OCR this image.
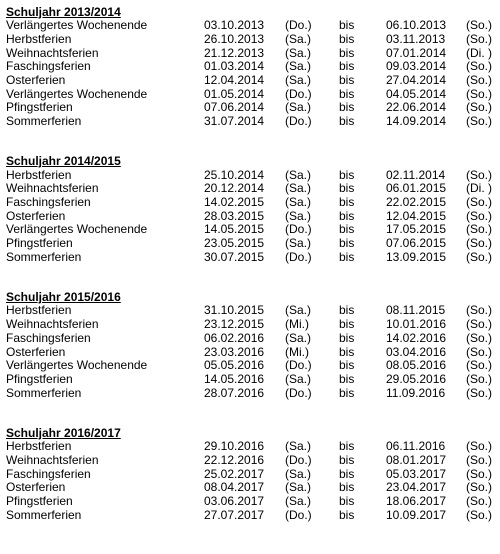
Schuljahr 2013/2014
Verlängertes Wochenende	03.10.2013 (Do.) bis	06.10.2013 (So.)
Herbstferien	26.10.2013 (Sa.) bis	03.11.2013 (So.)
Weihnachtsferien	21.12.2013 (Sa.) bis	07.01.2014 (Di. )
Faschingsferien	01.03.2014 (Sa.) bis	09.03.2014 (So.)
Osterferien	12.04.2014 (Sa.) bis	27.04.2014 (So.)
Verlängertes Wochenende	01.05.2014 (Do.) bis	04.05.2014 (So.)
Pfingstferien	07.06.2014 (Sa.) bis	22.06.2014 (So.)
Sommerferien	31.07.2014 (Do.) bis	14.09.2014 (So.)
Schuljahr 2014/2015
Herbstferien	25.10.2014 (Sa.) bis	02.11.2014 (So.)
Weihnachtsferien	20.12.2014 (Sa.) bis	06.01.2015 (Di. )
Faschingsferien	14.02.2015 (Sa.) bis	22.02.2015 (So.)
Osterferien	28.03.2015 (Sa.) bis	12.04.2015 (So.)
Verlängertes Wochenende	14.05.2015 (Do.) bis	17.05.2015 (So.)
Pfingstferien	23.05.2015 (Sa.) bis	07.06.2015 (So.)
Sommerferien	30.07.2015 (Do.) bis	13.09.2015 (So.)
Schuljahr 2015/2016
Herbstferien	31.10.2015 (Sa.) bis	08.11.2015 (So.)
Weihnachtsferien	23.12.2015 (Mi.)	bis	10.01.2016 (So.)
Faschingsferien	06.02.2016 (Sa.) bis	14.02.2016 (So.)
Osterferien	23.03.2016 (Mi.)	bis	03.04.2016 (So.)
Verlängertes Wochenende	05.05.2016 (Do.) bis	08.05.2016 (So.)
Pfingstferien	14.05.2016 (Sa.) bis	29.05.2016 (So.)
Sommerferien	28.07.2016 (Do.) bis	11.09.2016 (So.)
Schuljahr 2016/2017
Herbstferien	29.10.2016 (Sa.) bis	06.11.2016 (So.)
Weihnachtsferien	22.12.2016 (Do.) bis	08.01.2017 (So.)
Faschingsferien	25.02.2017 (Sa.) bis	05.03.2017 (So.)
Osterferien	08.04.2017 (Sa.) bis	23.04.2017 (So.)
Pfingstferien	03.06.2017 (Sa.) bis	18.06.2017 (So.)
Sommerferien	27.07.2017 (Do.) bis	10.09.2017 (So.)
